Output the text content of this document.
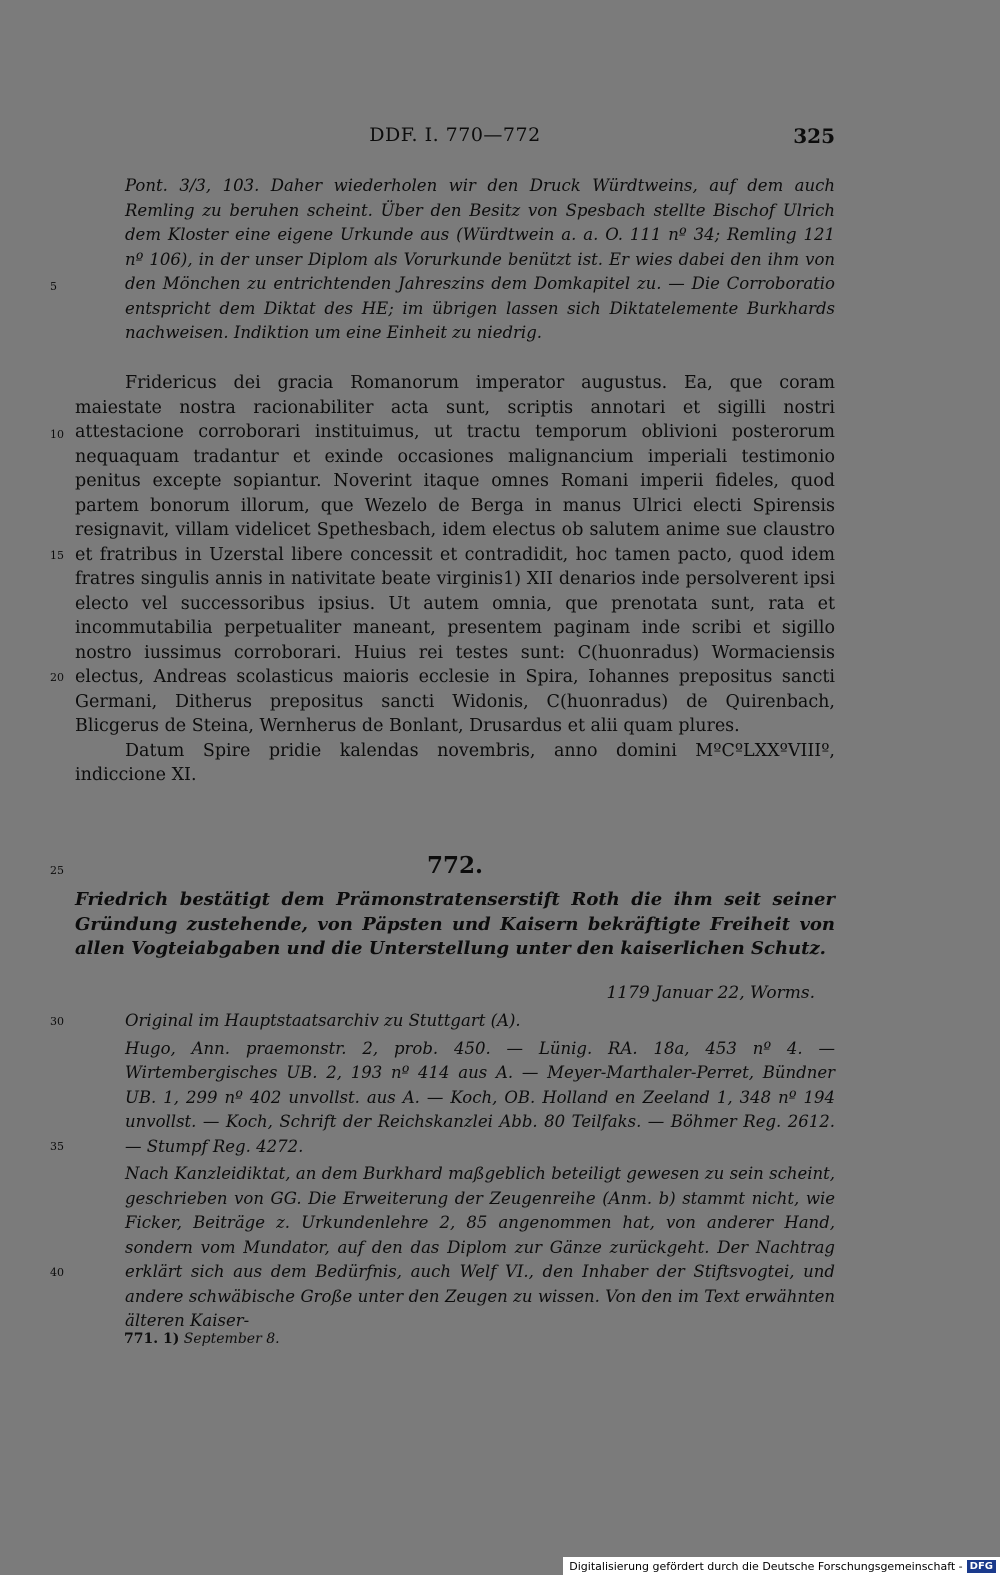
DDF. I. 770—772	325

Pont. 3/3, 103. Daher wiederholen wir den Druck Würdtweins, auf dem auch Remling zu beruhen scheint. Über den Besitz von Spesbach stellte Bischof Ulrich dem Kloster eine eigene Urkunde aus (Würdtwein a. a. O. 111 nº 34; Remling 121 nº 106), in der unser Diplom als Vorurkunde benützt ist. Er wies dabei den ihm von den Mönchen zu entrichtenden Jahreszins dem Domkapitel zu. — Die Corroboratio entspricht dem Diktat des HE; im übrigen lassen sich Diktatelemente Burkhards nachweisen. Indiktion um eine Einheit zu niedrig.

Fridericus dei gracia Romanorum imperator augustus. Ea, que coram maiestate nostra racionabiliter acta sunt, scriptis annotari et sigilli nostri attestacione corroborari instituimus, ut tractu temporum oblivioni posterorum nequaquam tradantur et exinde occasiones malignancium imperiali testimonio penitus excepte sopiantur. Noverint itaque omnes Romani imperii fideles, quod partem bonorum illorum, que Wezelo de Berga in manus Ulrici electi Spirensis resignavit, villam videlicet Spethesbach, idem electus ob salutem anime sue claustro et fratribus in Uzerstal libere concessit et contradidit, hoc tamen pacto, quod idem fratres singulis annis in nativitate beate virginis1) XII denarios inde persolverent ipsi electo vel successoribus ipsius. Ut autem omnia, que prenotata sunt, rata et incommutabilia perpetualiter maneant, presentem paginam inde scribi et sigillo nostro iussimus corroborari. Huius rei testes sunt: C(huonradus) Wormaciensis electus, Andreas scolasticus maioris ecclesie in Spira, Iohannes prepositus sancti Germani, Ditherus prepositus sancti Widonis, C(huonradus) de Quirenbach, Blicgerus de Steina, Wernherus de Bonlant, Drusardus et alii quam plures.

Datum Spire pridie kalendas novembris, anno domini MºCºLXXºVIIIº, indiccione XI.

5
10
15
20
25
30
35
40
772.

Friedrich bestätigt dem Prämonstratenserstift Roth die ihm seit seiner Gründung zustehende, von Päpsten und Kaisern bekräftigte Freiheit von allen Vogteiabgaben und die Unterstellung unter den kaiserlichen Schutz.

1179 Januar 22, Worms.

Original im Hauptstaatsarchiv zu Stuttgart (A).

Hugo, Ann. praemonstr. 2, prob. 450. — Lünig. RA. 18a, 453 nº 4. — Wirtembergisches UB. 2, 193 nº 414 aus A. — Meyer-Marthaler-Perret, Bündner UB. 1, 299 nº 402 unvollst. aus A. — Koch, OB. Holland en Zeeland 1, 348 nº 194 unvollst. — Koch, Schrift der Reichskanzlei Abb. 80 Teilfaks. — Böhmer Reg. 2612. — Stumpf Reg. 4272.

Nach Kanzleidiktat, an dem Burkhard maßgeblich beteiligt gewesen zu sein scheint, geschrieben von GG. Die Erweiterung der Zeugenreihe (Anm. b) stammt nicht, wie Ficker, Beiträge z. Urkundenlehre 2, 85 angenommen hat, von anderer Hand, sondern vom Mundator, auf den das Diplom zur Gänze zurückgeht. Der Nachtrag erklärt sich aus dem Bedürfnis, auch Welf VI., den Inhaber der Stiftsvogtei, und andere schwäbische Große unter den Zeugen zu wissen. Von den im Text erwähnten älteren Kaiser-

771. 1) September 8.
Digitalisierung gefördert durch die Deutsche Forschungsgemeinschaft - DFG
